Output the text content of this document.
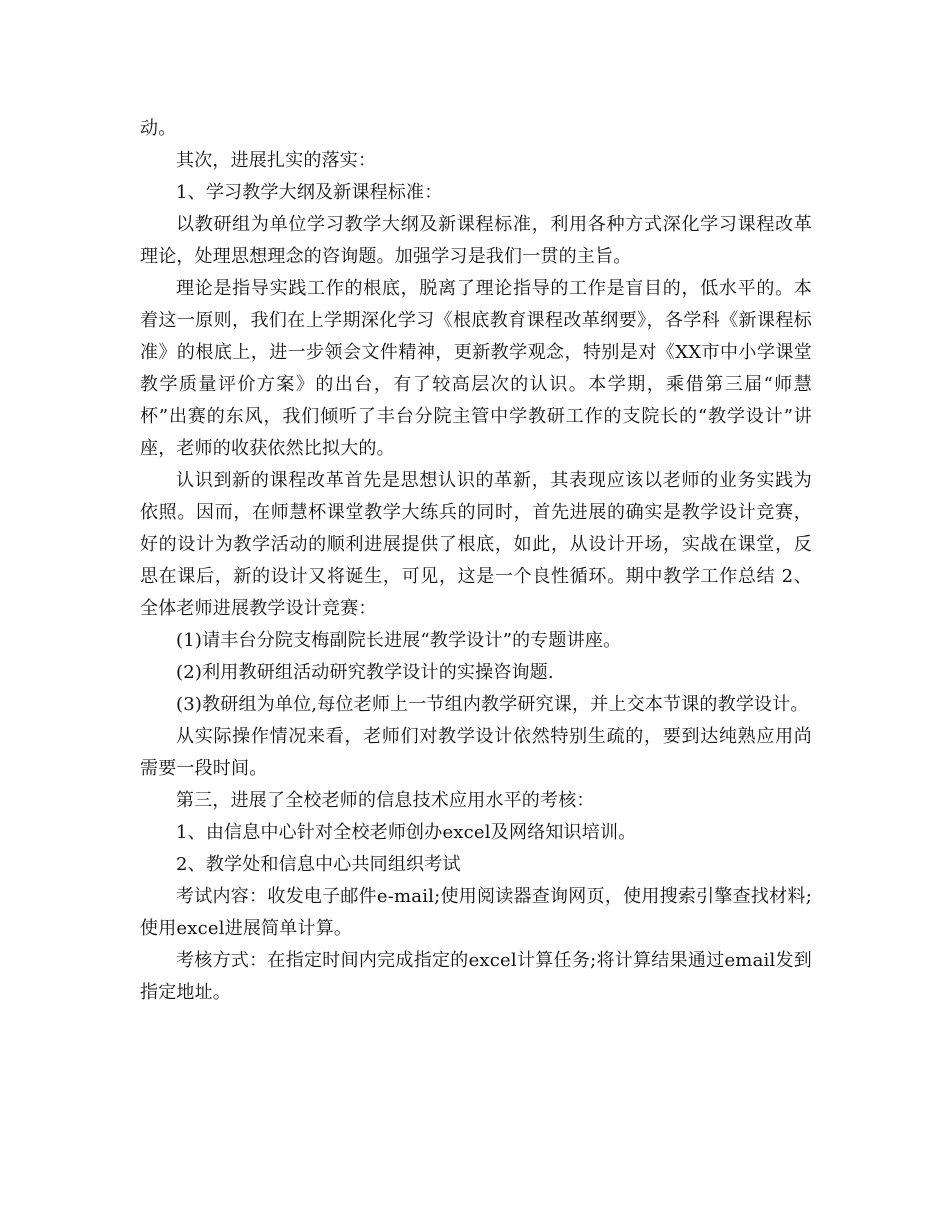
动。

其次，进展扎实的落实：

1、学习教学大纲及新课程标准：

以教研组为单位学习教学大纲及新课程标准，利用各种方式深化学习课程改革理论，处理思想理念的咨询题。加强学习是我们一贯的主旨。

理论是指导实践工作的根底，脱离了理论指导的工作是盲目的，低水平的。本着这一原则，我们在上学期深化学习《根底教育课程改革纲要》，各学科《新课程标准》的根底上，进一步领会文件精神，更新教学观念，特别是对《XX市中小学课堂教学质量评价方案》的出台，有了较高层次的认识。本学期，乘借第三届“师慧杯”出赛的东风，我们倾听了丰台分院主管中学教研工作的支院长的“教学设计”讲座，老师的收获依然比拟大的。

认识到新的课程改革首先是思想认识的革新，其表现应该以老师的业务实践为依照。因而，在师慧杯课堂教学大练兵的同时，首先进展的确实是教学设计竞赛，好的设计为教学活动的顺利进展提供了根底，如此，从设计开场，实战在课堂，反思在课后，新的设计又将诞生，可见，这是一个良性循环。期中教学工作总结 2、全体老师进展教学设计竞赛：

(1)请丰台分院支梅副院长进展“教学设计”的专题讲座。

(2)利用教研组活动研究教学设计的实操咨询题.

(3)教研组为单位,每位老师上一节组内教学研究课，并上交本节课的教学设计。

从实际操作情况来看，老师们对教学设计依然特别生疏的，要到达纯熟应用尚需要一段时间。

第三，进展了全校老师的信息技术应用水平的考核：

1、由信息中心针对全校老师创办excel及网络知识培训。

2、教学处和信息中心共同组织考试

考试内容：收发电子邮件e-mail;使用阅读器查询网页，使用搜索引擎查找材料;使用excel进展简单计算。

考核方式：在指定时间内完成指定的excel计算任务;将计算结果通过email发到指定地址。
